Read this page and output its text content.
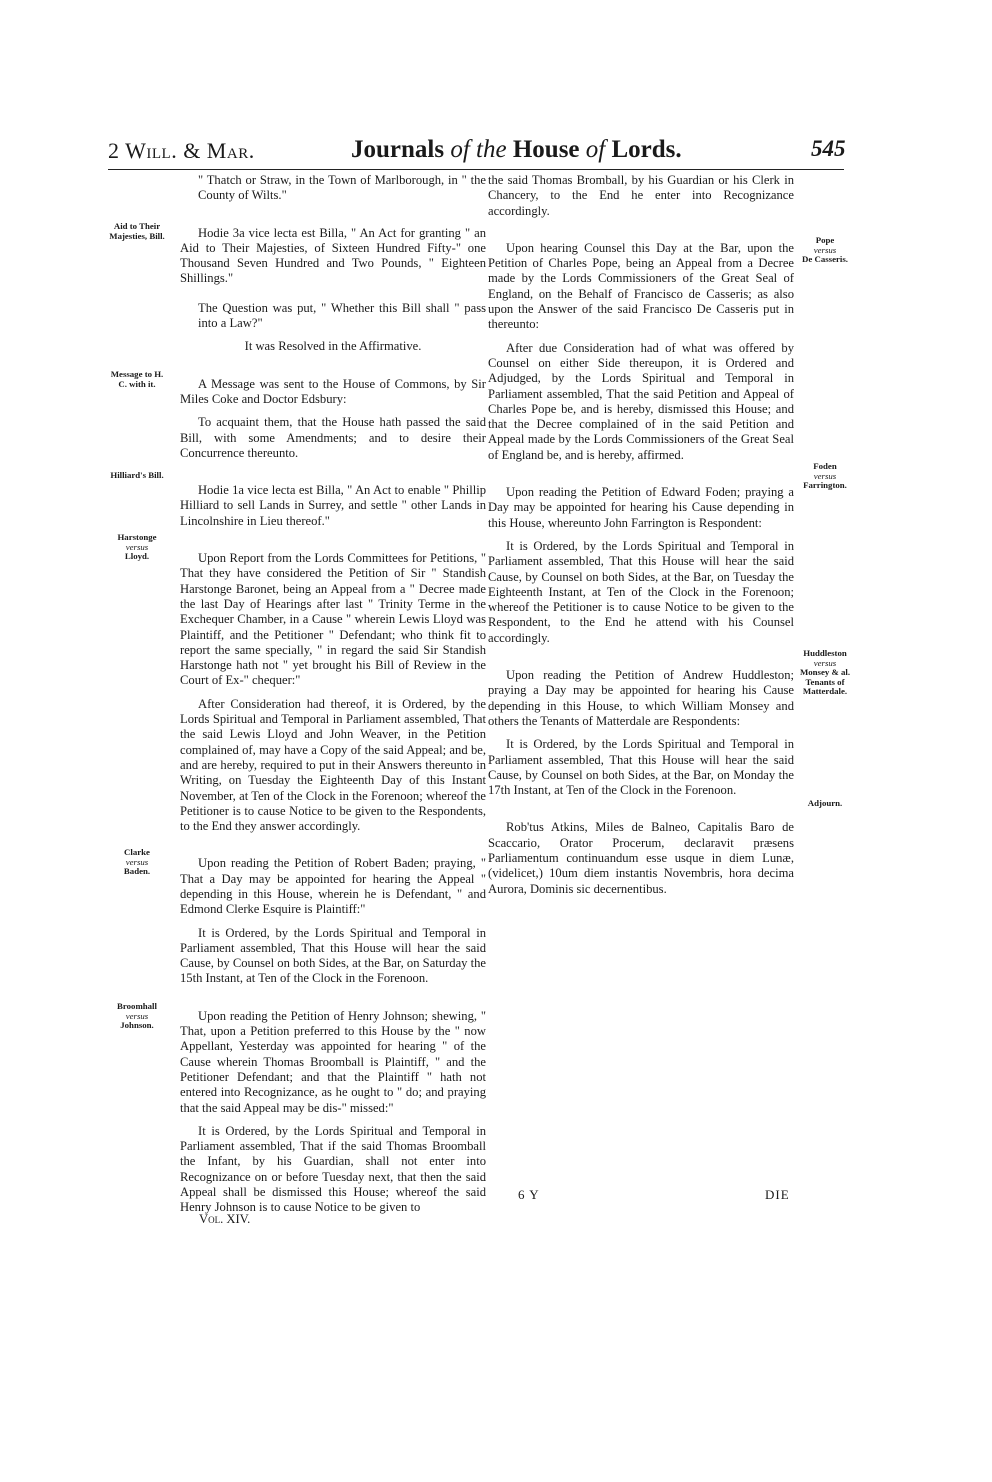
2 Will. & Mar.	Journals of the House of Lords.	545
Aid to Their Majesties, Bill.
Message to H. C. with it.
Hilliard's Bill.
Harstonge
versus
Lloyd.
Clarke
versus
Baden.
Broomhall
versus
Johnson.
Pope
versus
De Casseris.
Foden
versus
Farrington.
Huddleston
versus
Monsey & al. Tenants of Matterdale.
Adjourn.

" Thatch or Straw, in the Town of Marlborough, in " the County of Wilts."

Hodie 3a vice lecta est Billa, " An Act for granting " an Aid to Their Majesties, of Sixteen Hundred Fifty-" one Thousand Seven Hundred and Two Pounds, " Eighteen Shillings."

The Question was put, " Whether this Bill shall " pass into a Law?"

It was Resolved in the Affirmative.

A Message was sent to the House of Commons, by Sir Miles Coke and Doctor Edsbury:

To acquaint them, that the House hath passed the said Bill, with some Amendments; and to desire their Concurrence thereunto.

Hodie 1a vice lecta est Billa, " An Act to enable " Phillip Hilliard to sell Lands in Surrey, and settle " other Lands in Lincolnshire in Lieu thereof."

Upon Report from the Lords Committees for Petitions, " That they have considered the Petition of Sir " Standish Harstonge Baronet, being an Appeal from a " Decree made the last Day of Hearings after last " Trinity Terme in the Exchequer Chamber, in a Cause " wherein Lewis Lloyd was Plaintiff, and the Petitioner " Defendant; who think fit to report the same specially, " in regard the said Sir Standish Harstonge hath not " yet brought his Bill of Review in the Court of Ex-" chequer:"

After Consideration had thereof, it is Ordered, by the Lords Spiritual and Temporal in Parliament assembled, That the said Lewis Lloyd and John Weaver, in the Petition complained of, may have a Copy of the said Appeal; and be, and are hereby, required to put in their Answers thereunto in Writing, on Tuesday the Eighteenth Day of this Instant November, at Ten of the Clock in the Forenoon; whereof the Petitioner is to cause Notice to be given to the Respondents, to the End they answer accordingly.

Upon reading the Petition of Robert Baden; praying, " That a Day may be appointed for hearing the Appeal " depending in this House, wherein he is Defendant, " and Edmond Clerke Esquire is Plaintiff:"

It is Ordered, by the Lords Spiritual and Temporal in Parliament assembled, That this House will hear the said Cause, by Counsel on both Sides, at the Bar, on Saturday the 15th Instant, at Ten of the Clock in the Forenoon.

Upon reading the Petition of Henry Johnson; shewing, " That, upon a Petition preferred to this House by the " now Appellant, Yesterday was appointed for hearing " of the Cause wherein Thomas Broomball is Plaintiff, " and the Petitioner Defendant; and that the Plaintiff " hath not entered into Recognizance, as he ought to " do; and praying that the said Appeal may be dis-" missed:"

It is Ordered, by the Lords Spiritual and Temporal in Parliament assembled, That if the said Thomas Broomball the Infant, by his Guardian, shall not enter into Recognizance on or before Tuesday next, that then the said Appeal shall be dismissed this House; whereof the said Henry Johnson is to cause Notice to be given to

the said Thomas Bromball, by his Guardian or his Clerk in Chancery, to the End he enter into Recognizance accordingly.

Upon hearing Counsel this Day at the Bar, upon the Petition of Charles Pope, being an Appeal from a Decree made by the Lords Commissioners of the Great Seal of England, on the Behalf of Francisco de Casseris; as also upon the Answer of the said Francisco De Casseris put in thereunto:

After due Consideration had of what was offered by Counsel on either Side thereupon, it is Ordered and Adjudged, by the Lords Spiritual and Temporal in Parliament assembled, That the said Petition and Appeal of Charles Pope be, and is hereby, dismissed this House; and that the Decree complained of in the said Petition and Appeal made by the Lords Commissioners of the Great Seal of England be, and is hereby, affirmed.

Upon reading the Petition of Edward Foden; praying a Day may be appointed for hearing his Cause depending in this House, whereunto John Farrington is Respondent:

It is Ordered, by the Lords Spiritual and Temporal in Parliament assembled, That this House will hear the said Cause, by Counsel on both Sides, at the Bar, on Tuesday the Eighteenth Instant, at Ten of the Clock in the Forenoon; whereof the Petitioner is to cause Notice to be given to the Respondent, to the End he attend with his Counsel accordingly.

Upon reading the Petition of Andrew Huddleston; praying a Day may be appointed for hearing his Cause depending in this House, to which William Monsey and others the Tenants of Matterdale are Respondents:

It is Ordered, by the Lords Spiritual and Temporal in Parliament assembled, That this House will hear the said Cause, by Counsel on both Sides, at the Bar, on Monday the 17th Instant, at Ten of the Clock in the Forenoon.

Rob'tus Atkins, Miles de Balneo, Capitalis Baro de Scaccario, Orator Procerum, declaravit præsens Parliamentum continuandum esse usque in diem Lunæ, (videlicet,) 10um diem instantis Novembris, hora decima Aurora, Dominis sic decernentibus.

6 Y	DIE
Vol. XIV.
